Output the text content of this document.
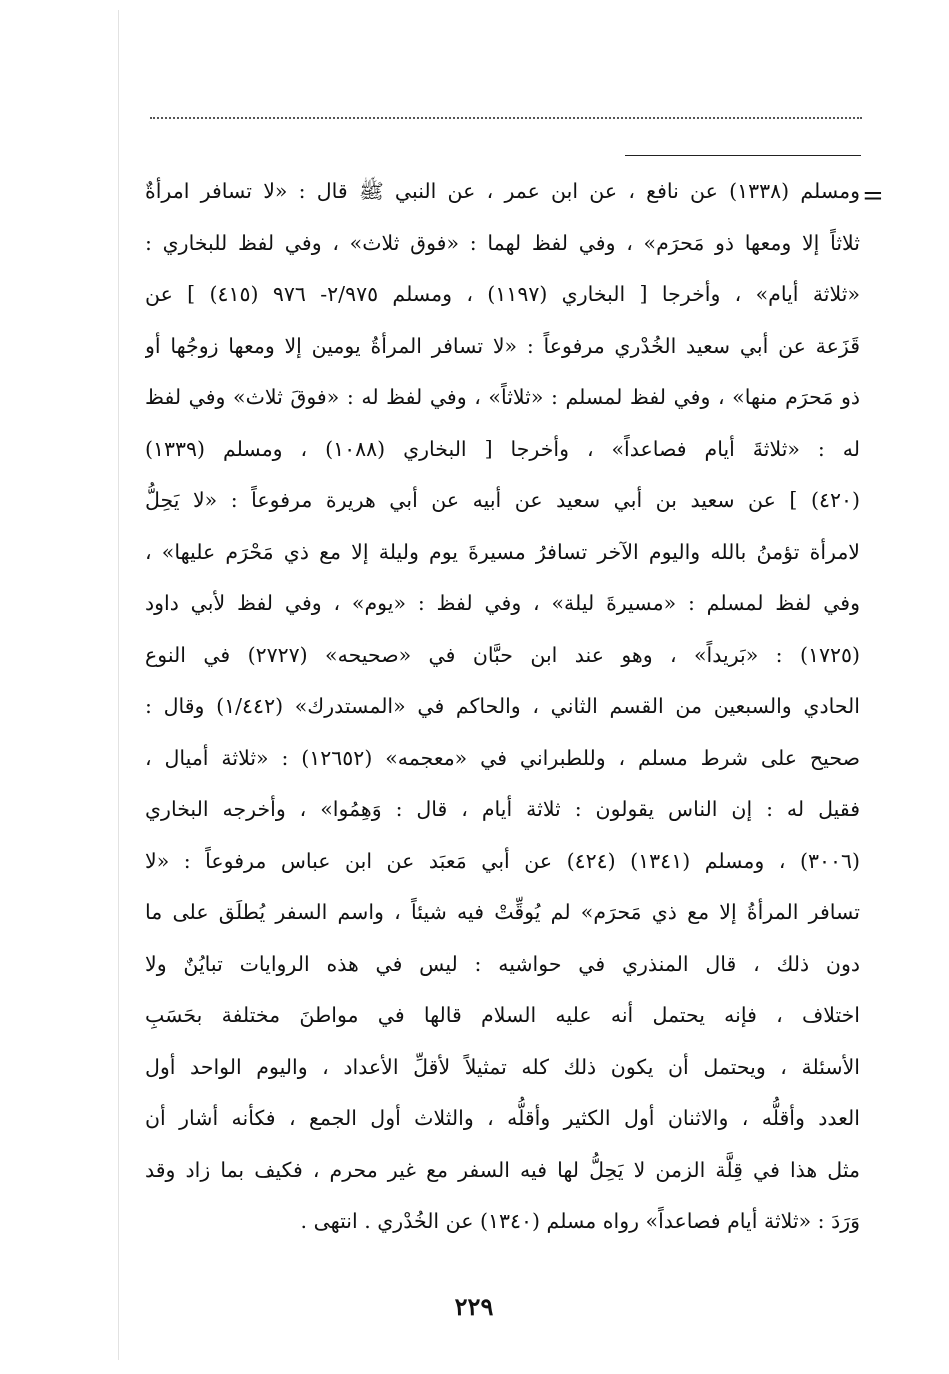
=
ومسلم (١٣٣٨) عن نافع ، عن ابن عمر ، عن النبي ﷺ قال : «لا تسافر امرأةٌ
ثلاثاً إلا ومعها ذو مَحرَم» ، وفي لفظ لهما : «فوق ثلاث» ، وفي لفظ للبخاري :
«ثلاثة أيام» ، وأخرجا [ البخاري (١١٩٧) ، ومسلم ٢/٩٧٥- ٩٧٦ (٤١٥) ] عن
قَزَعة عن أبي سعيد الخُدْري مرفوعاً : «لا تسافر المرأةُ يومين إلا ومعها زوجُها أو
ذو مَحرَم منها» ، وفي لفظ لمسلم : «ثلاثاً» ، وفي لفظ له : «فوقَ ثلاث» وفي لفظ
له : «ثلاثةَ أيام فصاعداً» ، وأخرجا [ البخاري (١٠٨٨) ، ومسلم (١٣٣٩)
(٤٢٠) ] عن سعيد بن أبي سعيد عن أبيه عن أبي هريرة مرفوعاً : «لا يَحِلُّ
لامرأة تؤمنُ بالله واليوم الآخر تسافرُ مسيرةَ يوم وليلة إلا مع ذي مَحْرَم عليها» ،
وفي لفظ لمسلم : «مسيرةَ ليلة» ، وفي لفظ : «يوم» ، وفي لفظ لأبي داود
(١٧٢٥) : «بَريداً» ، وهو عند ابن حبَّان في «صحيحه» (٢٧٢٧) في النوع
الحادي والسبعين من القسم الثاني ، والحاكم في «المستدرك» (١/٤٤٢) وقال :
صحيح على شرط مسلم ، وللطبراني في «معجمه» (١٢٦٥٢) : «ثلاثة أميال ،
فقيل له : إن الناس يقولون : ثلاثة أيام ، قال : وَهِمُوا» ، وأخرجه البخاري
(٣٠٠٦) ، ومسلم (١٣٤١) (٤٢٤) عن أبي مَعبَد عن ابن عباس مرفوعاً : «لا
تسافر المرأةُ إلا مع ذي مَحرَم» لم يُوقِّتْ فيه شيئاً ، واسم السفر يُطلَق على ما
دون ذلك ، قال المنذري في حواشيه : ليس في هذه الروايات تبايُنٌ ولا
اختلاف ، فإنه يحتمل أنه عليه السلام قالها في مواطنَ مختلفة بحَسَبِ
الأسئلة ، ويحتمل أن يكون ذلك كله تمثيلاً لأقلِّ الأعداد ، واليوم الواحد أول
العدد وأقلُّه ، والاثنان أول الكثير وأقلُّه ، والثلاث أول الجمع ، فكأنه أشار أن
مثل هذا في قِلَّة الزمن لا يَحِلُّ لها فيه السفر مع غير محرم ، فكيف بما زاد وقد
وَرَدَ : «ثلاثة أيام فصاعداً» رواه مسلم (١٣٤٠) عن الخُدْري . انتهى .
٢٢٩
